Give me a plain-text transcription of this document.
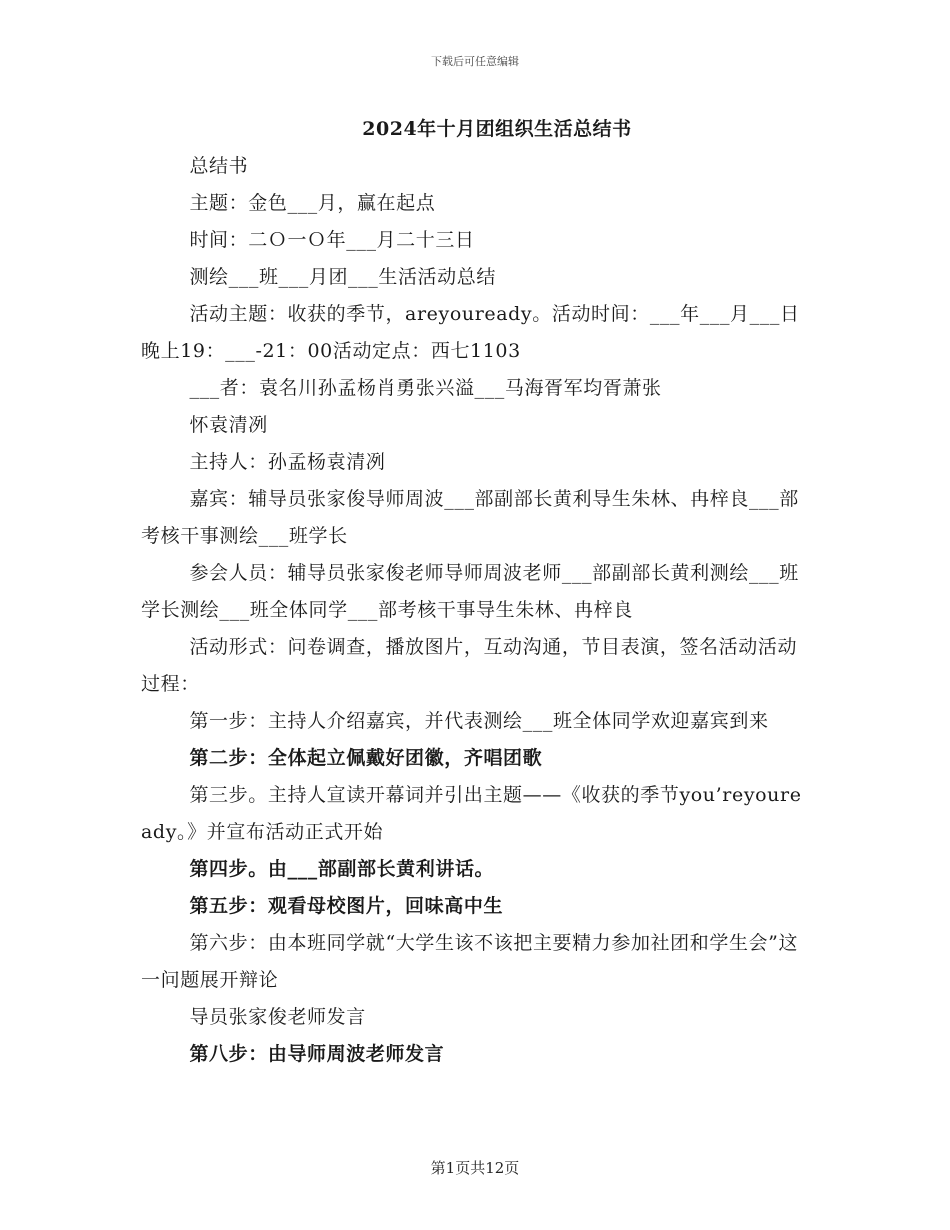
下载后可任意编辑
2024年十月团组织生活总结书

总结书

主题：金色___月，赢在起点

时间：二Ｏ一Ｏ年___月二十三日

测绘___班___月团___生活活动总结

活动主题：收获的季节，areyouready。活动时间：___年___月___日晚上19：___-21：00活动定点：西七1103

___者：袁名川孙孟杨肖勇张兴溢___马海胥军均胥萧张

怀袁清冽

主持人：孙孟杨袁清冽

嘉宾：辅导员张家俊导师周波___部副部长黄利导生朱林、冉梓良___部考核干事测绘___班学长

参会人员：辅导员张家俊老师导师周波老师___部副部长黄利测绘___班学长测绘___班全体同学___部考核干事导生朱林、冉梓良

活动形式：问卷调查，播放图片，互动沟通，节目表演，签名活动活动过程：

第一步：主持人介绍嘉宾，并代表测绘___班全体同学欢迎嘉宾到来

第二步：全体起立佩戴好团徽，齐唱团歌

第三步。主持人宣读开幕词并引出主题——《收获的季节you’reyouready。》并宣布活动正式开始

第四步。由___部副部长黄利讲话。

第五步：观看母校图片，回味高中生

第六步：由本班同学就“大学生该不该把主要精力参加社团和学生会”这一问题展开辩论

导员张家俊老师发言

第八步：由导师周波老师发言

第1页共12页
